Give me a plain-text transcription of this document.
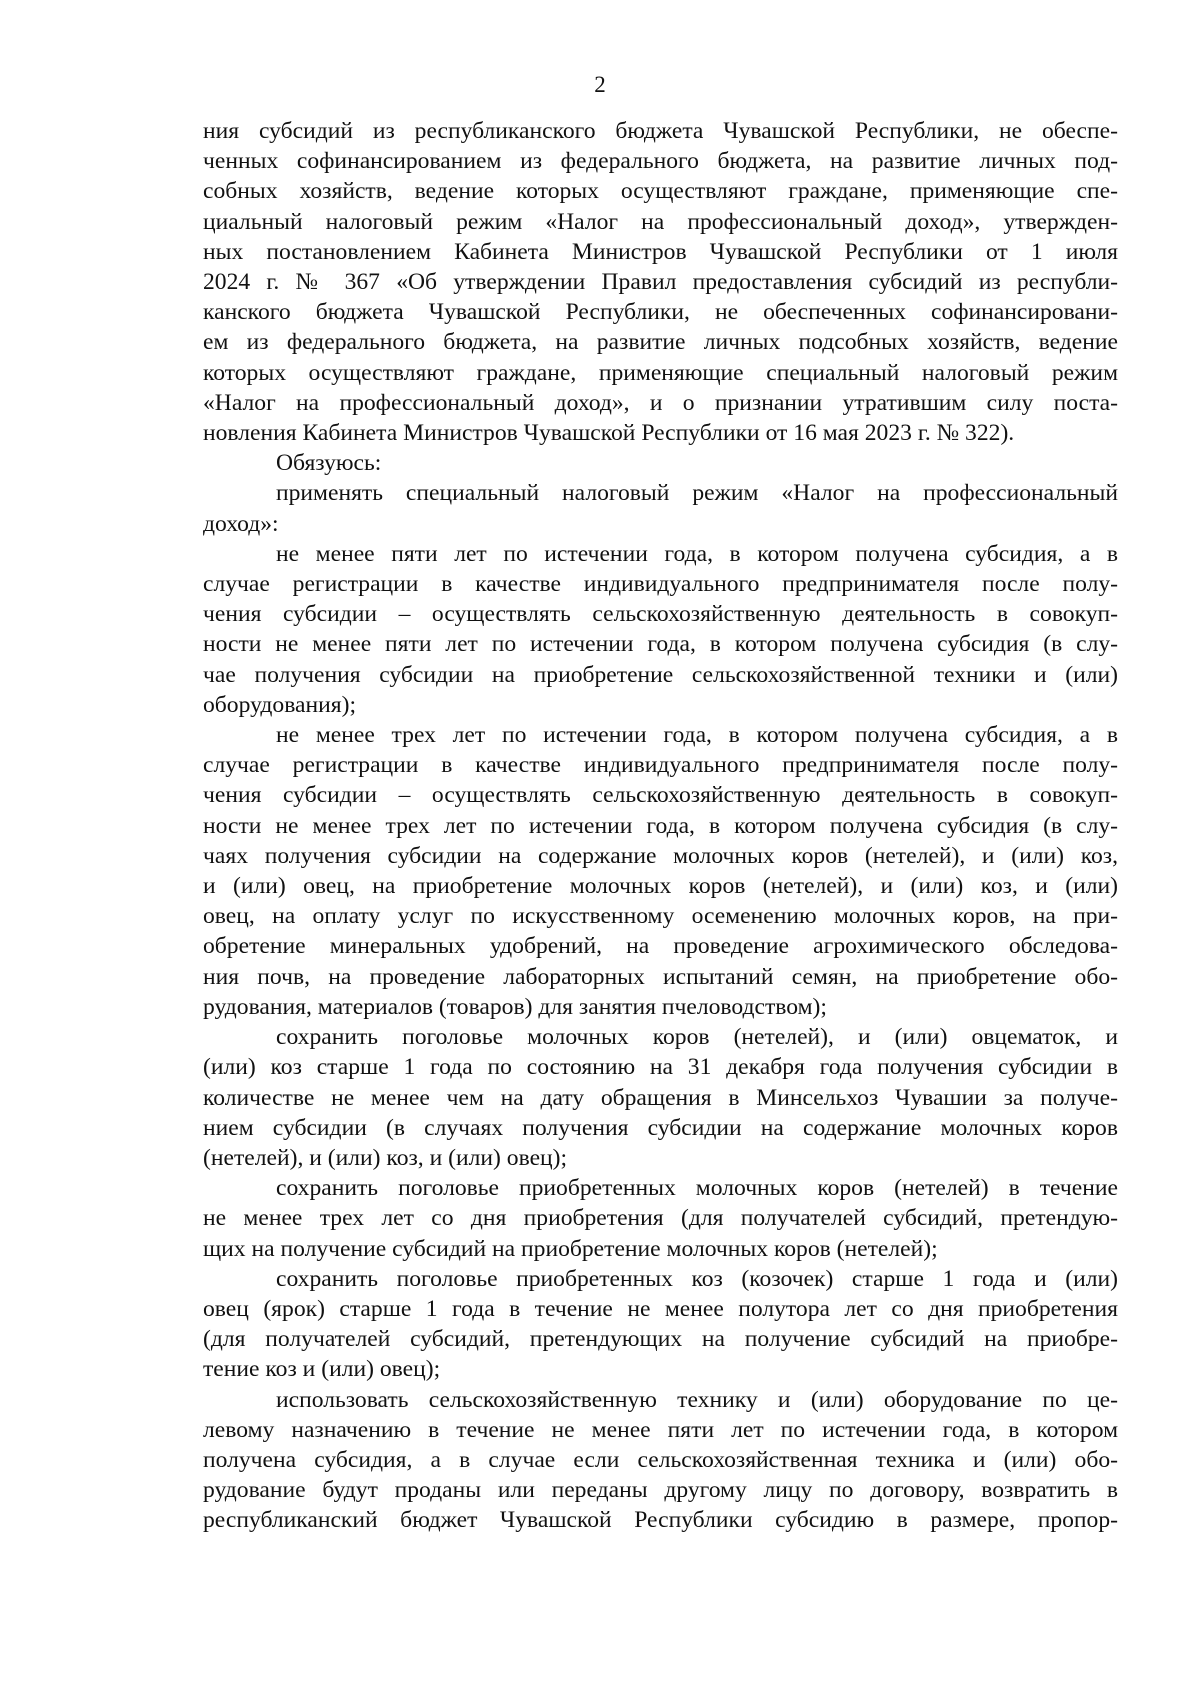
2
ния субсидий из республиканского бюджета Чувашской Республики, не обеспе-
ченных софинансированием из федерального бюджета, на развитие личных под-
собных хозяйств, ведение которых осуществляют граждане, применяющие спе-
циальный налоговый режим «Налог на профессиональный доход», утвержден-
ных постановлением Кабинета Министров Чувашской Республики от 1 июля
2024 г. № 367 «Об утверждении Правил предоставления субсидий из республи-
канского бюджета Чувашской Республики, не обеспеченных софинансировани-
ем из федерального бюджета, на развитие личных подсобных хозяйств, ведение
которых осуществляют граждане, применяющие специальный налоговый режим
«Налог на профессиональный доход», и о признании утратившим силу поста-
новления Кабинета Министров Чувашской Республики от 16 мая 2023 г. № 322).
Обязуюсь:
применять специальный налоговый режим «Налог на профессиональный
доход»:
не менее пяти лет по истечении года, в котором получена субсидия, а в
случае регистрации в качестве индивидуального предпринимателя после полу-
чения субсидии – осуществлять сельскохозяйственную деятельность в совокуп-
ности не менее пяти лет по истечении года, в котором получена субсидия (в слу-
чае получения субсидии на приобретение сельскохозяйственной техники и (или)
оборудования);
не менее трех лет по истечении года, в котором получена субсидия, а в
случае регистрации в качестве индивидуального предпринимателя после полу-
чения субсидии – осуществлять сельскохозяйственную деятельность в совокуп-
ности не менее трех лет по истечении года, в котором получена субсидия (в слу-
чаях получения субсидии на содержание молочных коров (нетелей), и (или) коз,
и (или) овец, на приобретение молочных коров (нетелей), и (или) коз, и (или)
овец, на оплату услуг по искусственному осеменению молочных коров, на при-
обретение минеральных удобрений, на проведение агрохимического обследова-
ния почв, на проведение лабораторных испытаний семян, на приобретение обо-
рудования, материалов (товаров) для занятия пчеловодством);
сохранить поголовье молочных коров (нетелей), и (или) овцематок, и
(или) коз старше 1 года по состоянию на 31 декабря года получения субсидии в
количестве не менее чем на дату обращения в Минсельхоз Чувашии за получе-
нием субсидии (в случаях получения субсидии на содержание молочных коров
(нетелей), и (или) коз, и (или) овец);
сохранить поголовье приобретенных молочных коров (нетелей) в течение
не менее трех лет со дня приобретения (для получателей субсидий, претендую-
щих на получение субсидий на приобретение молочных коров (нетелей);
сохранить поголовье приобретенных коз (козочек) старше 1 года и (или)
овец (ярок) старше 1 года в течение не менее полутора лет со дня приобретения
(для получателей субсидий, претендующих на получение субсидий на приобре-
тение коз и (или) овец);
использовать сельскохозяйственную технику и (или) оборудование по це-
левому назначению в течение не менее пяти лет по истечении года, в котором
получена субсидия, а в случае если сельскохозяйственная техника и (или) обо-
рудование будут проданы или переданы другому лицу по договору, возвратить в
республиканский бюджет Чувашской Республики субсидию в размере, пропор-
